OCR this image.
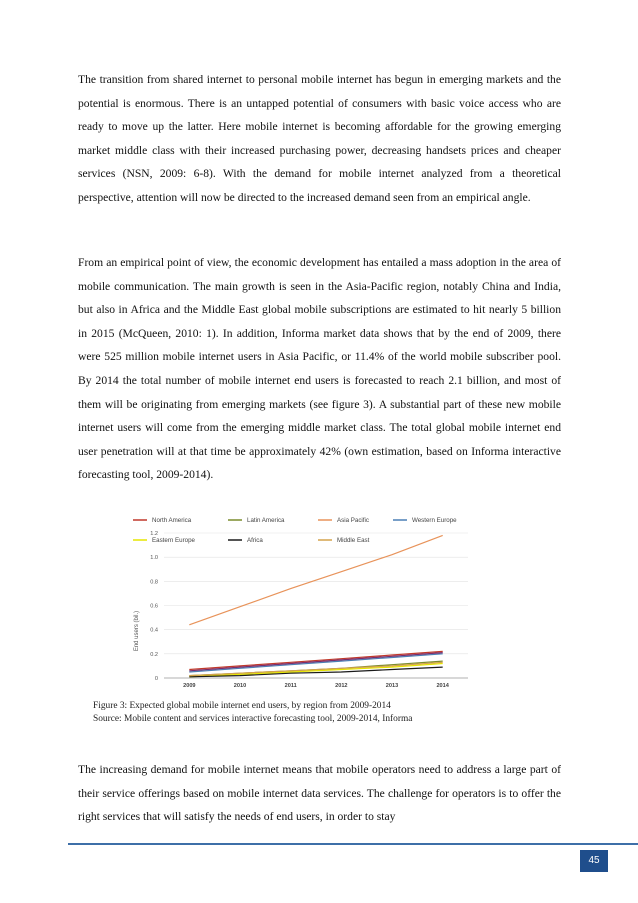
The transition from shared internet to personal mobile internet has begun in emerging markets and the potential is enormous. There is an untapped potential of consumers with basic voice access who are ready to move up the latter. Here mobile internet is becoming affordable for the growing emerging market middle class with their increased purchasing power, decreasing handsets prices and cheaper services (NSN, 2009: 6-8). With the demand for mobile internet analyzed from a theoretical perspective, attention will now be directed to the increased demand seen from an empirical angle.

From an empirical point of view, the economic development has entailed a mass adoption in the area of mobile communication. The main growth is seen in the Asia-Pacific region, notably China and India, but also in Africa and the Middle East global mobile subscriptions are estimated to hit nearly 5 billion in 2015 (McQueen, 2010: 1). In addition, Informa market data shows that by the end of 2009, there were 525 million mobile internet users in Asia Pacific, or 11.4% of the world mobile subscriber pool. By 2014 the total number of mobile internet end users is forecasted to reach 2.1 billion, and most of them will be originating from emerging markets (see figure 3). A substantial part of these new mobile internet users will come from the emerging middle market class. The total global mobile internet end user penetration will at that time be approximately 42% (own estimation, based on Informa interactive forecasting tool, 2009-2014).

North America	Latin America	Asia Pacific	Western Europe
Eastern Europe	Africa	Middle East
0
0.2
0.4
0.6
0.8
1.0
1.2
2009	2010	2011	2012	2013	2014
End users (bil.)
Figure 3: Expected global mobile internet end users, by region from 2009-2014
Source: Mobile content and services interactive forecasting tool, 2009-2014, Informa

The increasing demand for mobile internet means that mobile operators need to address a large part of their service offerings based on mobile internet data services. The challenge for operators is to offer the right services that will satisfy the needs of end users, in order to stay

45
